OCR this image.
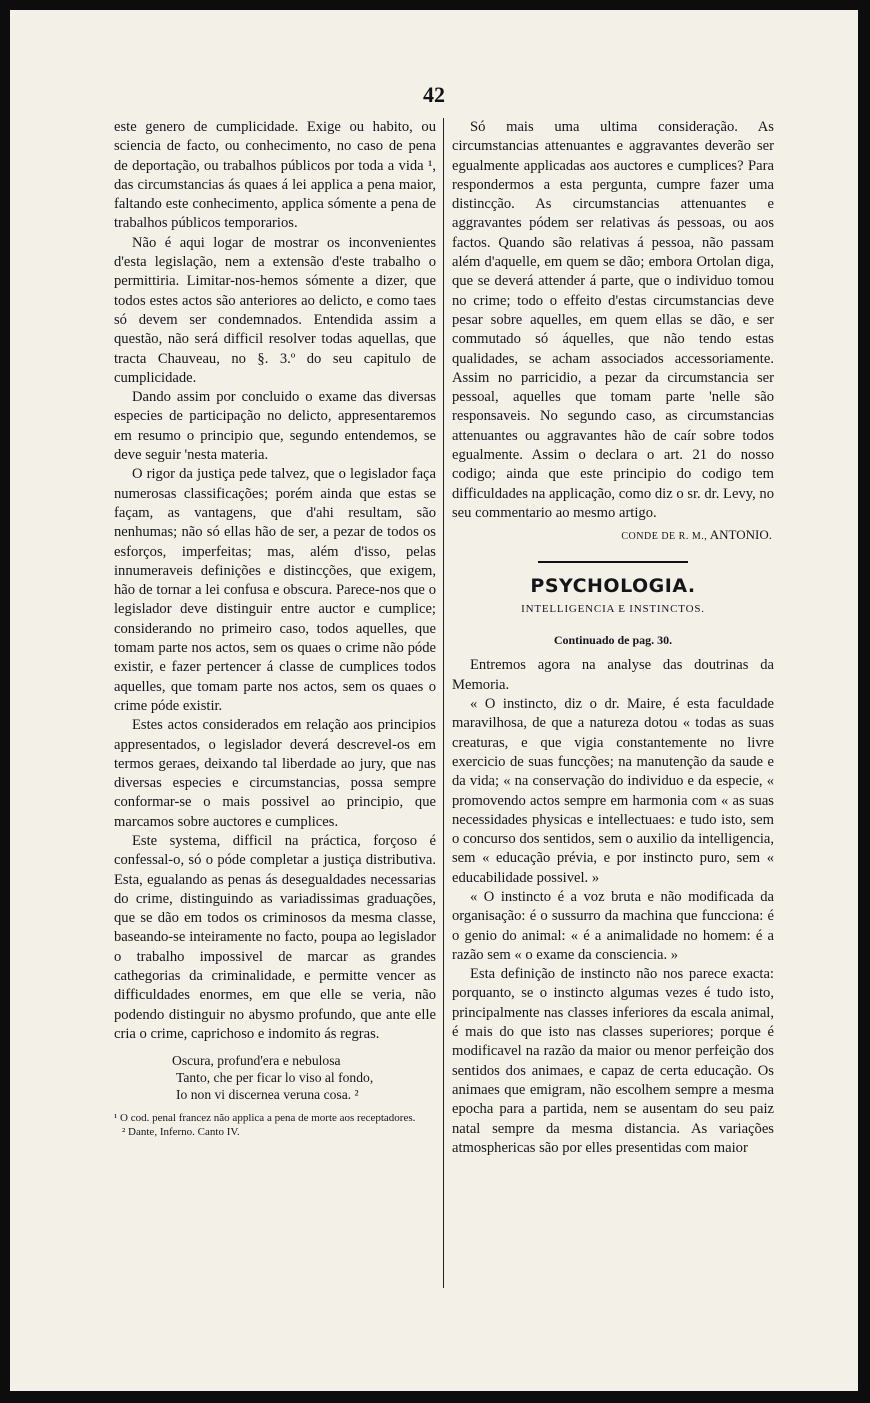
42

este genero de cumplicidade. Exige ou habito, ou sciencia de facto, ou conhecimento, no caso de pena de deportação, ou trabalhos públicos por toda a vida ¹, das circumstancias ás quaes á lei applica a pena maior, faltando este conhecimento, applica sómente a pena de trabalhos públicos temporarios.

Não é aqui logar de mostrar os inconvenientes d'esta legislação, nem a extensão d'este trabalho o permittiria. Limitar-nos-hemos sómente a dizer, que todos estes actos são anteriores ao delicto, e como taes só devem ser condemnados. Entendida assim a questão, não será difficil resolver todas aquellas, que tracta Chauveau, no §. 3.º do seu capitulo de cumplicidade.

Dando assim por concluido o exame das diversas especies de participação no delicto, appresentaremos em resumo o principio que, segundo entendemos, se deve seguir 'nesta materia.

O rigor da justiça pede talvez, que o legislador faça numerosas classificações; porém ainda que estas se façam, as vantagens, que d'ahi resultam, são nenhumas; não só ellas hão de ser, a pezar de todos os esforços, imperfeitas; mas, além d'isso, pelas innumeraveis definições e distincções, que exigem, hão de tornar a lei confusa e obscura. Parece-nos que o legislador deve distinguir entre auctor e cumplice; considerando no primeiro caso, todos aquelles, que tomam parte nos actos, sem os quaes o crime não póde existir, e fazer pertencer á classe de cumplices todos aquelles, que tomam parte nos actos, sem os quaes o crime póde existir.

Estes actos considerados em relação aos principios appresentados, o legislador deverá descrevel-os em termos geraes, deixando tal liberdade ao jury, que nas diversas especies e circumstancias, possa sempre conformar-se o mais possivel ao principio, que marcamos sobre auctores e cumplices.

Este systema, difficil na práctica, forçoso é confessal-o, só o póde completar a justiça distributiva. Esta, egualando as penas ás desegualdades necessarias do crime, distinguindo as variadissimas graduações, que se dão em todos os criminosos da mesma classe, baseando-se inteiramente no facto, poupa ao legislador o trabalho impossivel de marcar as grandes cathegorias da criminalidade, e permitte vencer as difficuldades enormes, em que elle se veria, não podendo distinguir no abysmo profundo, que ante elle cria o crime, caprichoso e indomito ás regras.

Oscura, profund'era e nebulosa
Tanto, che per ficar lo viso al fondo,
Io non vi discernea veruna cosa. ²
¹ O cod. penal francez não applica a pena de morte aos receptadores.
² Dante, Inferno. Canto IV.

Só mais uma ultima consideração. As circumstancias attenuantes e aggravantes deverão ser egualmente applicadas aos auctores e cumplices? Para respondermos a esta pergunta, cumpre fazer uma distincção. As circumstancias attenuantes e aggravantes pódem ser relativas ás pessoas, ou aos factos. Quando são relativas á pessoa, não passam além d'aquelle, em quem se dão; embora Ortolan diga, que se deverá attender á parte, que o individuo tomou no crime; todo o effeito d'estas circumstancias deve pesar sobre aquelles, em quem ellas se dão, e ser commutado só áquelles, que não tendo estas qualidades, se acham associados accessoriamente. Assim no parricidio, a pezar da circumstancia ser pessoal, aquelles que tomam parte 'nelle são responsaveis. No segundo caso, as circumstancias attenuantes ou aggravantes hão de caír sobre todos egualmente. Assim o declara o art. 21 do nosso codigo; ainda que este principio do codigo tem difficuldades na applicação, como diz o sr. dr. Levy, no seu commentario ao mesmo artigo.

CONDE DE R. M., ANTONIO.
PSYCHOLOGIA.
INTELLIGENCIA E INSTINCTOS.
Continuado de pag. 30.

Entremos agora na analyse das doutrinas da Memoria.

« O instincto, diz o dr. Maire, é esta faculdade maravilhosa, de que a natureza dotou « todas as suas creaturas, e que vigia constantemente no livre exercicio de suas funcções; na manutenção da saude e da vida; « na conservação do individuo e da especie, « promovendo actos sempre em harmonia com « as suas necessidades physicas e intellectuaes: e tudo isto, sem o concurso dos sentidos, sem o auxilio da intelligencia, sem « educação prévia, e por instincto puro, sem « educabilidade possivel. »

« O instincto é a voz bruta e não modificada da organisação: é o sussurro da machina que funcciona: é o genio do animal: « é a animalidade no homem: é a razão sem « o exame da consciencia. »

Esta definição de instincto não nos parece exacta: porquanto, se o instincto algumas vezes é tudo isto, principalmente nas classes inferiores da escala animal, é mais do que isto nas classes superiores; porque é modificavel na razão da maior ou menor perfeição dos sentidos dos animaes, e capaz de certa educação. Os animaes que emigram, não escolhem sempre a mesma epocha para a partida, nem se ausentam do seu paiz natal sempre da mesma distancia. As variações atmosphericas são por elles presentidas com maior
